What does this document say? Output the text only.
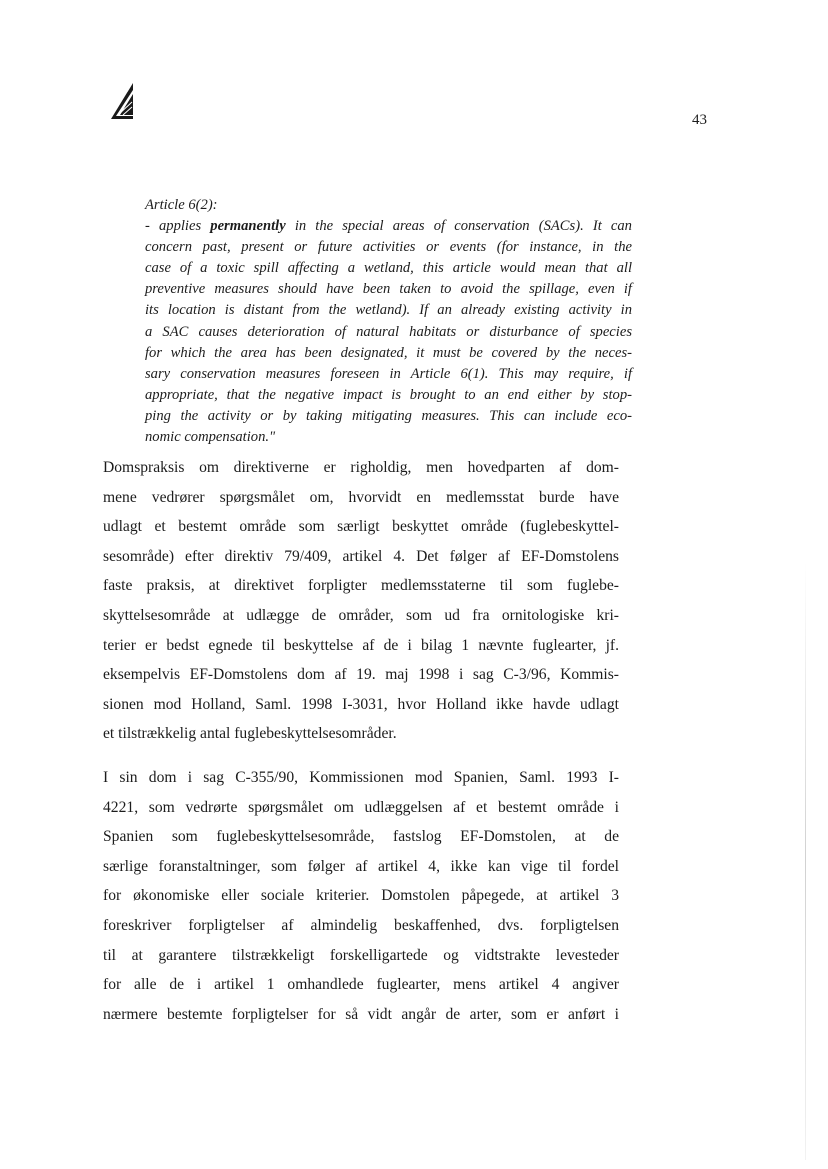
43
Article 6(2):
- applies permanently in the special areas of conservation (SACs). It can
concern past, present or future activities or events (for instance, in the
case of a toxic spill affecting a wetland, this article would mean that all
preventive measures should have been taken to avoid the spillage, even if
its location is distant from the wetland). If an already existing activity in
a SAC causes deterioration of natural habitats or disturbance of species
for which the area has been designated, it must be covered by the neces-
sary conservation measures foreseen in Article 6(1). This may require, if
appropriate, that the negative impact is brought to an end either by stop-
ping the activity or by taking mitigating measures. This can include eco-
nomic compensation."
Domspraksis om direktiverne er righoldig, men hovedparten af dom-
mene vedrører spørgsmålet om, hvorvidt en medlemsstat burde have
udlagt et bestemt område som særligt beskyttet område (fuglebeskyttel-
sesområde) efter direktiv 79/409, artikel 4. Det følger af EF-Domstolens
faste praksis, at direktivet forpligter medlemsstaterne til som fuglebe-
skyttelsesområde at udlægge de områder, som ud fra ornitologiske kri-
terier er bedst egnede til beskyttelse af de i bilag 1 nævnte fuglearter, jf.
eksempelvis EF-Domstolens dom af 19. maj 1998 i sag C-3/96, Kommis-
sionen mod Holland, Saml. 1998 I-3031, hvor Holland ikke havde udlagt
et tilstrækkelig antal fuglebeskyttelsesområder.
I sin dom i sag C-355/90, Kommissionen mod Spanien, Saml. 1993 I-
4221, som vedrørte spørgsmålet om udlæggelsen af et bestemt område i
Spanien som fuglebeskyttelsesområde, fastslog EF-Domstolen, at de
særlige foranstaltninger, som følger af artikel 4, ikke kan vige til fordel
for økonomiske eller sociale kriterier. Domstolen påpegede, at artikel 3
foreskriver forpligtelser af almindelig beskaffenhed, dvs. forpligtelsen
til at garantere tilstrækkeligt forskelligartede og vidtstrakte levesteder
for alle de i artikel 1 omhandlede fuglearter, mens artikel 4 angiver
nærmere bestemte forpligtelser for så vidt angår de arter, som er anført i
